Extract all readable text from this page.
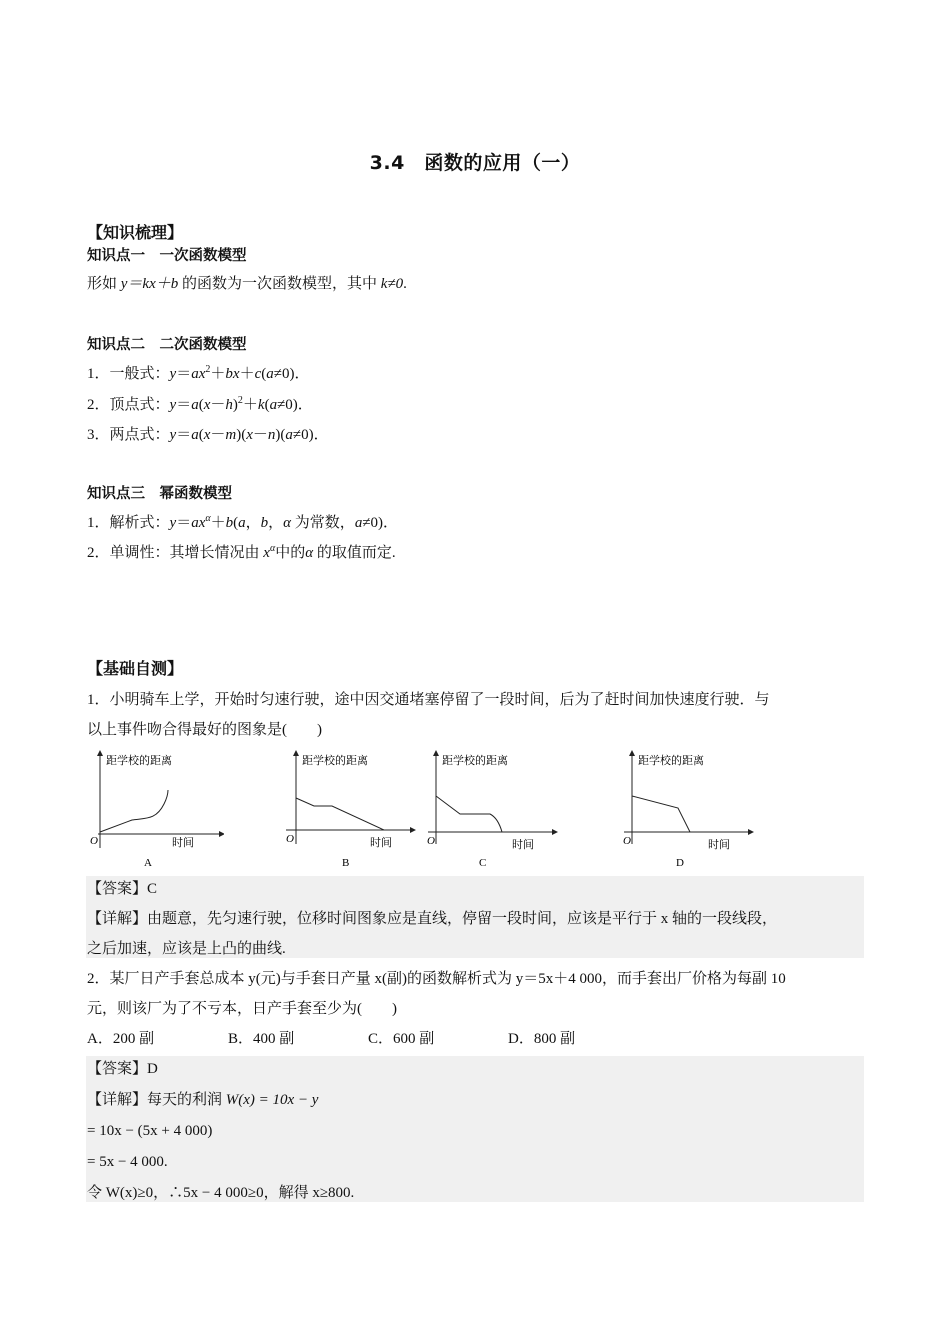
3.4　函数的应用（一）
【知识梳理】
知识点一　一次函数模型
形如 y＝kx＋b 的函数为一次函数模型，其中 k≠0.
知识点二　二次函数模型
1．一般式：$y=ax^2+bx+c(a\ne 0)$．
2．顶点式：$y=a(x-h)^2+k(a\ne 0)$．
3．两点式：y＝a(x－m)(x－n)(a≠0)．
知识点三　幂函数模型
1．解析式：$y=ax^\alpha+b(a$，b，α 为常数，a≠0)．
2．单调性：其增长情况由 $x^\alpha$中的α 的取值而定.
【基础自测】
1．小明骑车上学，开始时匀速行驶，途中因交通堵塞停留了一段时间，后为了赶时间加快速度行驶．与
以上事件吻合得最好的图象是(　　)
距学校的距离
时间
O
A
距学校的距离
时间
O
B
距学校的距离
时间
O
C
距学校的距离
时间
O
D
【答案】C
【详解】由题意，先匀速行驶，位移时间图象应是直线，停留一段时间，应该是平行于 x 轴的一段线段，
之后加速，应该是上凸的曲线.
2．某厂日产手套总成本 y(元)与手套日产量 x(副)的函数解析式为 y＝5x＋4 000，而手套出厂价格为每副 10
元，则该厂为了不亏本，日产手套至少为(　　)
A．200 副	B．400 副	C．600 副	D．800 副
【答案】D
【详解】每天的利润 W(x) = 10x − y
= 10x − (5x + 4 000)
= 5x − 4 000.
令 W(x)≥0，∴5x − 4 000≥0，解得 x≥800.
